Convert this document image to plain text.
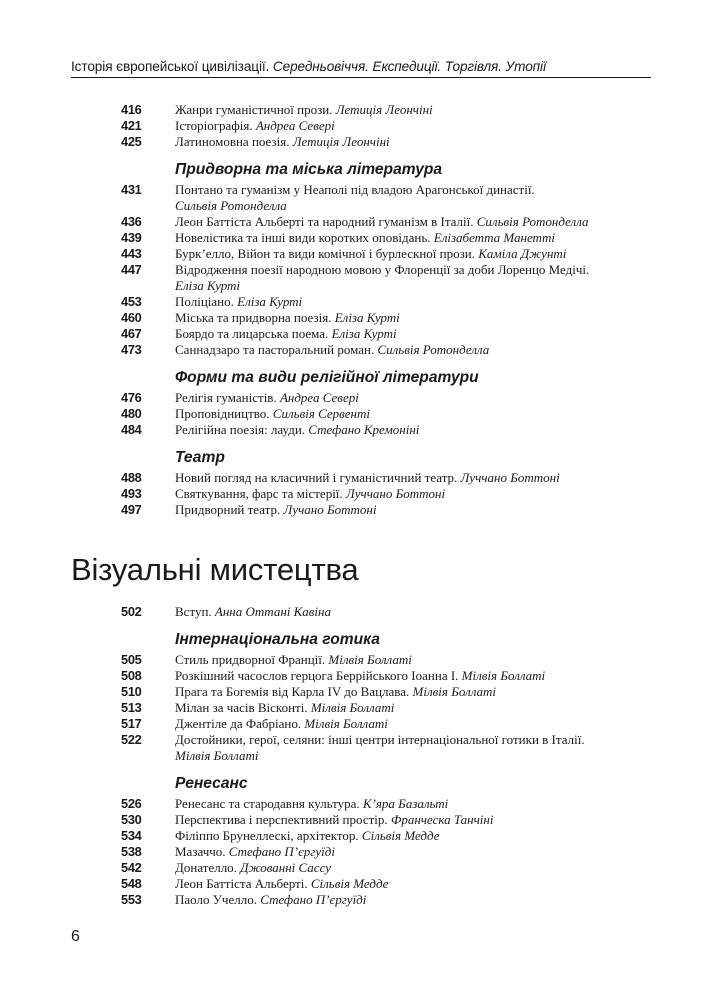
Історія європейської цивілізації. Середньовіччя. Експедиції. Торгівля. Утопії
416	Жанри гуманістичної прози. Летиція Леончіні
421	Історіографія. Андреа Севері
425	Латиномовна поезія. Летиція Леончіні
Придворна та міська література
431	Понтано та гуманізм у Неаполі під владою Арагонської династії.
Сильвія Ротонделла
436	Леон Баттіста Альберті та народний гуманізм в Італії. Сильвія Ротонделла
439	Новелістика та інші види коротких оповідань. Елізабетта Манетті
443	Бурк’елло, Війон та види комічної і бурлескної прози. Каміла Джунті
447	Відродження поезії народною мовою у Флоренції за доби Лоренцо Медічі.
Еліза Курті
453	Поліціано. Еліза Курті
460	Міська та придворна поезія. Еліза Курті
467	Боярдо та лицарська поема. Еліза Курті
473	Саннадзаро та пасторальний роман. Сильвія Ротонделла
Форми та види релігійної літератури
476	Релігія гуманістів. Андреа Севері
480	Проповідництво. Сильвія Сервенті
484	Релігійна поезія: лауди. Стефано Кремоніні
Театр
488	Новий погляд на класичний і гуманістичний театр. Луччано Боттоні
493	Святкування, фарс та містерії. Луччано Боттоні
497	Придворний театр. Лучано Боттоні
Візуальні мистецтва
502	Вступ. Анна Оттані Кавіна
Інтернаціональна готика
505	Стиль придворної Франції. Мілвія Боллаті
508	Розкішний часослов герцога Беррійського Іоанна I. Мілвія Боллаті
510	Прага та Богемія від Карла IV до Вацлава. Мілвія Боллаті
513	Мілан за часів Вісконті. Мілвія Боллаті
517	Джентіле да Фабріано. Мілвія Боллаті
522	Достойники, герої, селяни: інші центри інтернаціональної готики в Італії.
Мілвія Боллаті
Ренесанс
526	Ренесанс та стародавня культура. К’яра Базальті
530	Перспектива і перспективний простір. Франческа Танчіні
534	Філіппо Брунеллескі, архітектор. Сільвія Медде
538	Мазаччо. Стефано П’єргуїді
542	Донателло. Джованні Сассу
548	Леон Баттіста Альберті. Сільвія Медде
553	Паоло Учелло. Стефано П’єргуїді
6
